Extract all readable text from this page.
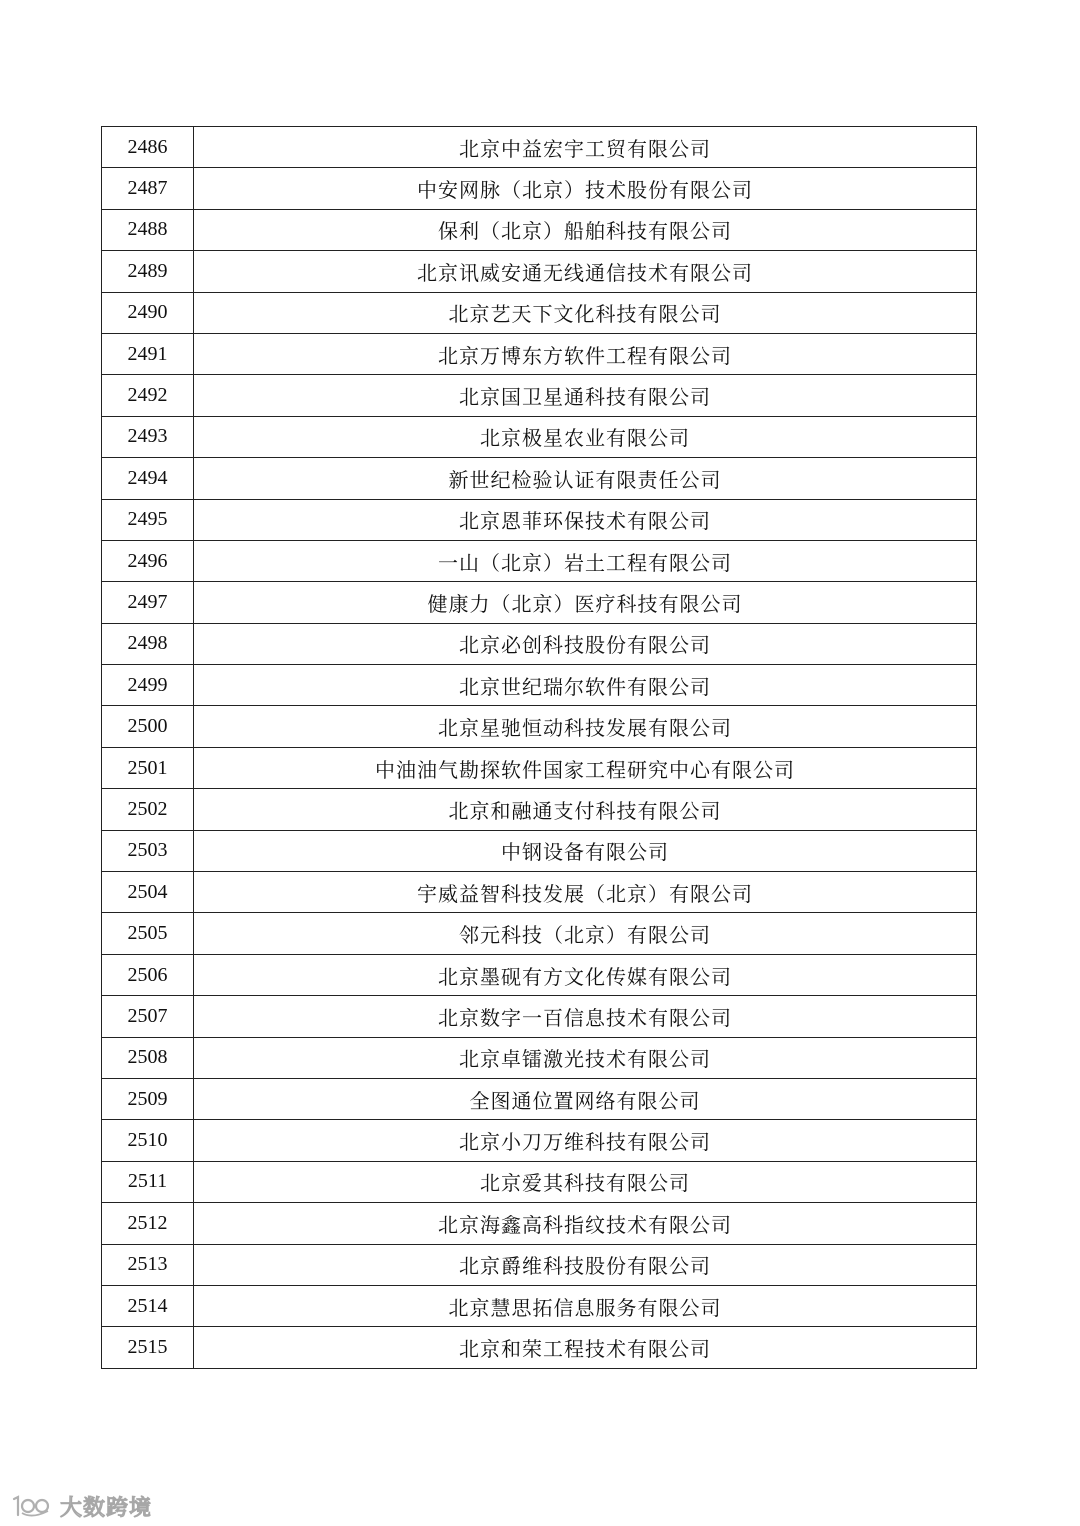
2486	北京中益宏宇工贸有限公司
2487	中安网脉（北京）技术股份有限公司
2488	保利（北京）船舶科技有限公司
2489	北京讯威安通无线通信技术有限公司
2490	北京艺天下文化科技有限公司
2491	北京万博东方软件工程有限公司
2492	北京国卫星通科技有限公司
2493	北京极星农业有限公司
2494	新世纪检验认证有限责任公司
2495	北京恩菲环保技术有限公司
2496	一山（北京）岩土工程有限公司
2497	健康力（北京）医疗科技有限公司
2498	北京必创科技股份有限公司
2499	北京世纪瑞尔软件有限公司
2500	北京星驰恒动科技发展有限公司
2501	中油油气勘探软件国家工程研究中心有限公司
2502	北京和融通支付科技有限公司
2503	中钢设备有限公司
2504	宇威益智科技发展（北京）有限公司
2505	邻元科技（北京）有限公司
2506	北京墨砚有方文化传媒有限公司
2507	北京数字一百信息技术有限公司
2508	北京卓镭激光技术有限公司
2509	全图通位置网络有限公司
2510	北京小刀万维科技有限公司
2511	北京爱其科技有限公司
2512	北京海鑫高科指纹技术有限公司
2513	北京爵维科技股份有限公司
2514	北京慧思拓信息服务有限公司
2515	北京和荣工程技术有限公司
大数跨境
